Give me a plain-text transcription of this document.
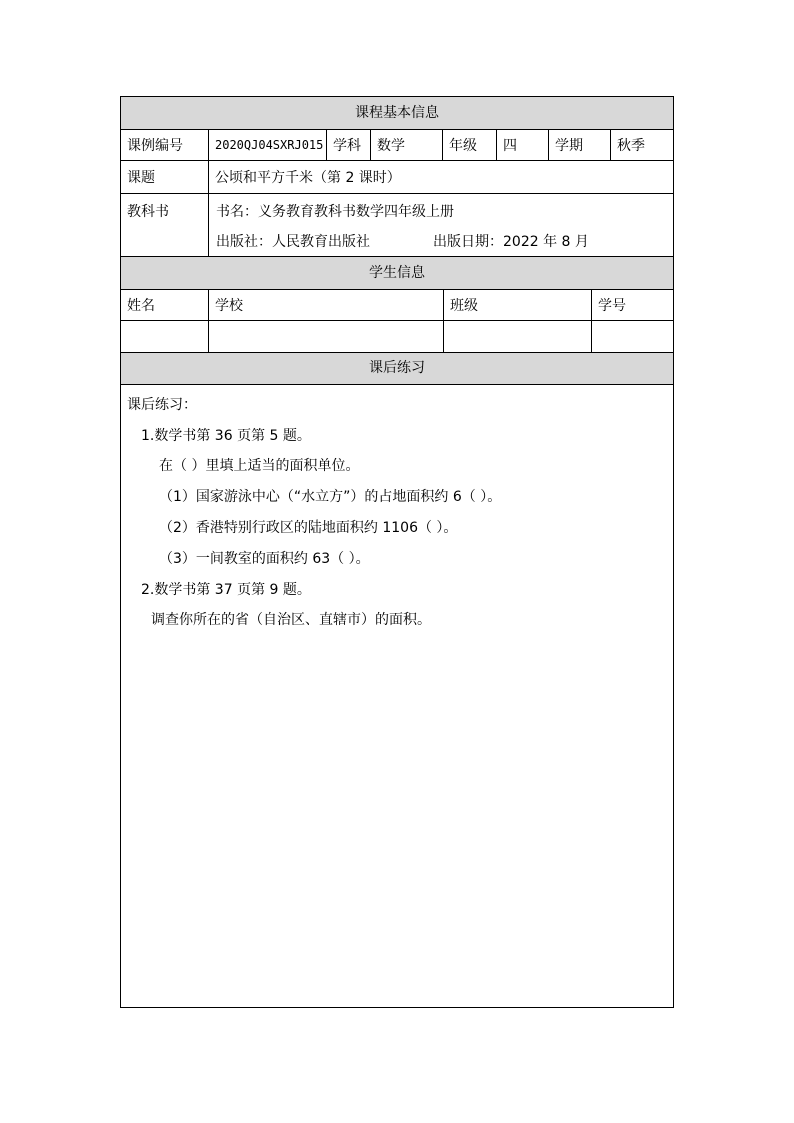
课程基本信息
课例编号	2020QJ04SXRJ015 学科	数学	年级	四	学期	秋季
课题	公顷和平方千米（第 2 课时）
教科书	书名：义务教育教科书数学四年级上册
出版社：人民教育出版社	出版日期：2022 年 8 月
学生信息
姓名	学校	班级	学号
课后练习
课后练习：
1.数学书第 36 页第 5 题。
在（ ）里填上适当的面积单位。
（1）国家游泳中心（“水立方”）的占地面积约 6（ ）。
（2）香港特别行政区的陆地面积约 1106（ ）。
（3）一间教室的面积约 63（ ）。
2.数学书第 37 页第 9 题。
调查你所在的省（自治区、直辖市）的面积。
